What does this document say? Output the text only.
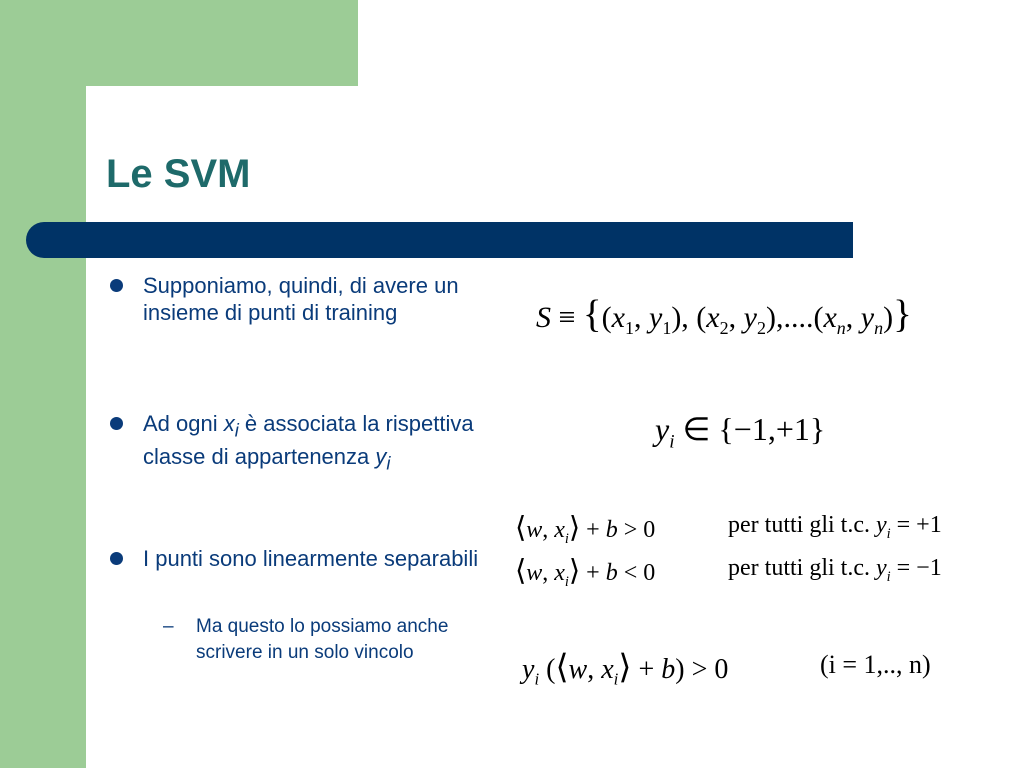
Le SVM
Supponiamo, quindi, di avere un insieme di punti di training
Ad ogni $x_i$ è associata la rispettiva classe di appartenenza $y_i$
I punti sono linearmente separabili
– Ma questo lo possiamo anche scrivere in un solo vincolo
$S \equiv \{(x_1$, $y_1$), ($x_2$, $y_2),....(x_n$, $y_n$)}
$y_i$ ∈ {−1,+1}
⟨w, $x_i⟩ + b > 0$	per tutti gli t.c. $y_i = +1$
⟨w, $x_i⟩ + b < 0$	per tutti gli t.c. $y_i = -1$
$y_i$ (⟨w, $x_i⟩ + b) > 0$	(i = 1,.., n)
